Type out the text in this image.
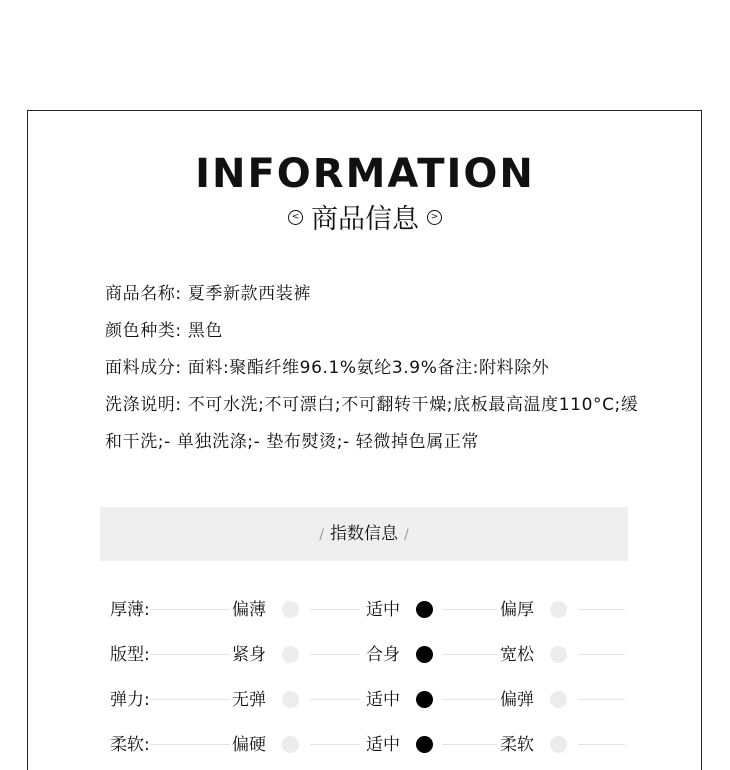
INFORMATION
< 商品信息 >
商品名称: 夏季新款西装裤
颜色种类: 黑色
面料成分: 面料:聚酯纤维96.1%氨纶3.9%备注:附料除外
洗涤说明: 不可水洗;不可漂白;不可翻转干燥;底板最高温度110°C;缓和干洗;- 单独洗涤;- 垫布熨烫;- 轻微掉色属正常
/ 指数信息 /
厚薄:	偏薄	适中	偏厚
版型:	紧身	合身	宽松
弹力:	无弹	适中	偏弹
柔软:	偏硬	适中	柔软
